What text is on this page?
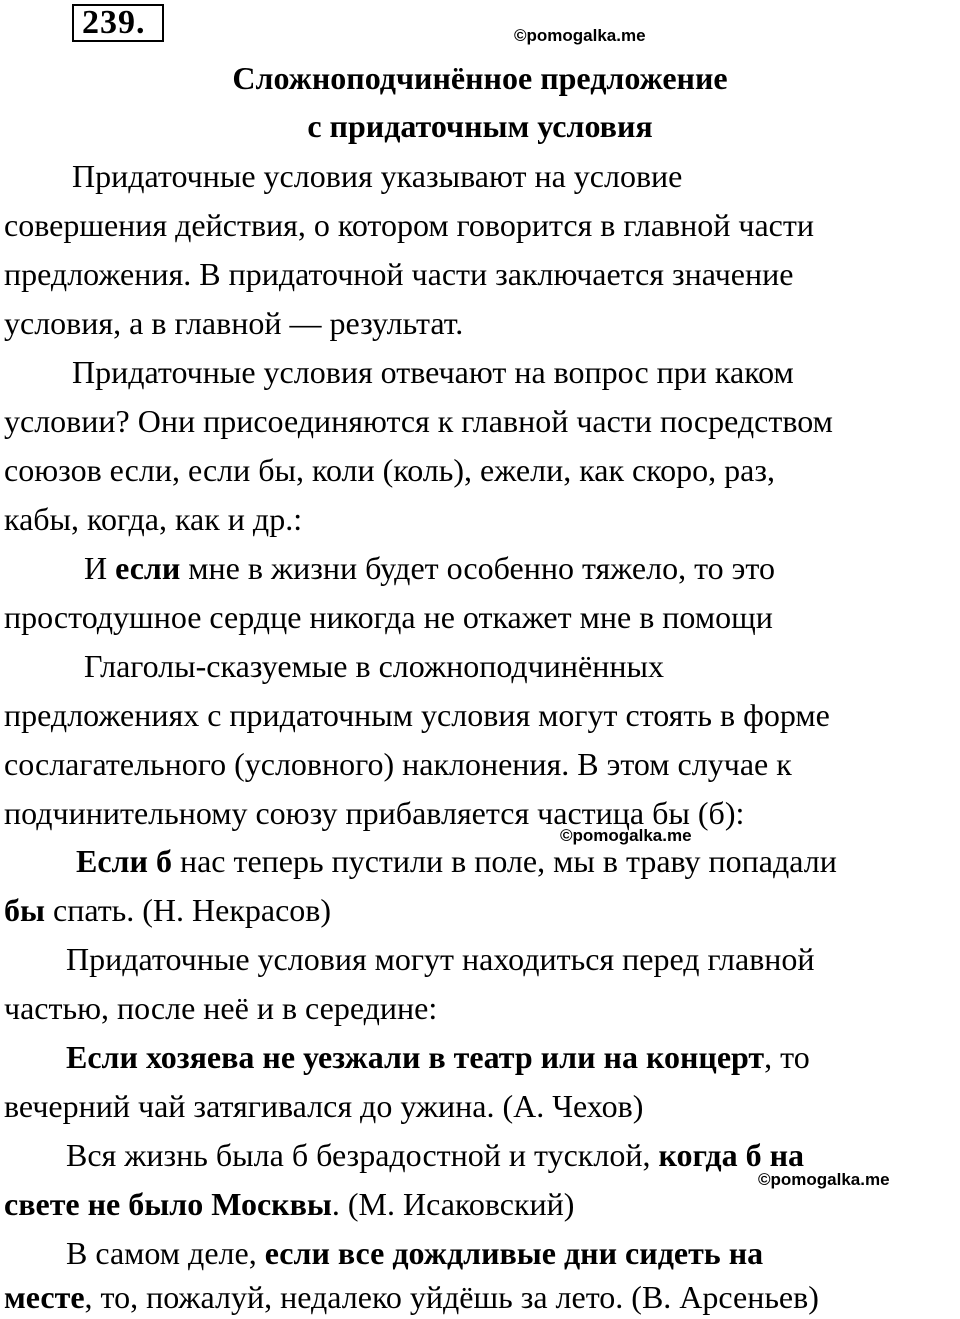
239.	©pomogalka.me
Сложноподчинённое предложение
с придаточным условия
Придаточные условия указывают на условие
совершения действия, о котором говорится в главной части
предложения. В придаточной части заключается значение
условия, а в главной — результат.
Придаточные условия отвечают на вопрос при каком
условии? Они присоединяются к главной части посредством
союзов если, если бы, коли (коль), ежели, как скоро, раз,
кабы, когда, как и др.:
И если мне в жизни будет особенно тяжело, то это
простодушное сердце никогда не откажет мне в помощи
Глаголы-сказуемые в сложноподчинённых
предложениях с придаточным условия могут стоять в форме
сослагательного (условного) наклонения. В этом случае к
подчинительному союзу прибавляется частица бы (б):
©pomogalka.me
Если б нас теперь пустили в поле, мы в траву попадали
бы спать. (Н. Некрасов)
Придаточные условия могут находиться перед главной
частью, после неё и в середине:
Если хозяева не уезжали в театр или на концерт, то
вечерний чай затягивался до ужина. (А. Чехов)
Вся жизнь была б безрадостной и тусклой, когда б на
©pomogalka.me
свете не было Москвы. (М. Исаковский)
В самом деле, если все дождливые дни сидеть на
месте, то, пожалуй, недалеко уйдёшь за лето. (В. Арсеньев)
